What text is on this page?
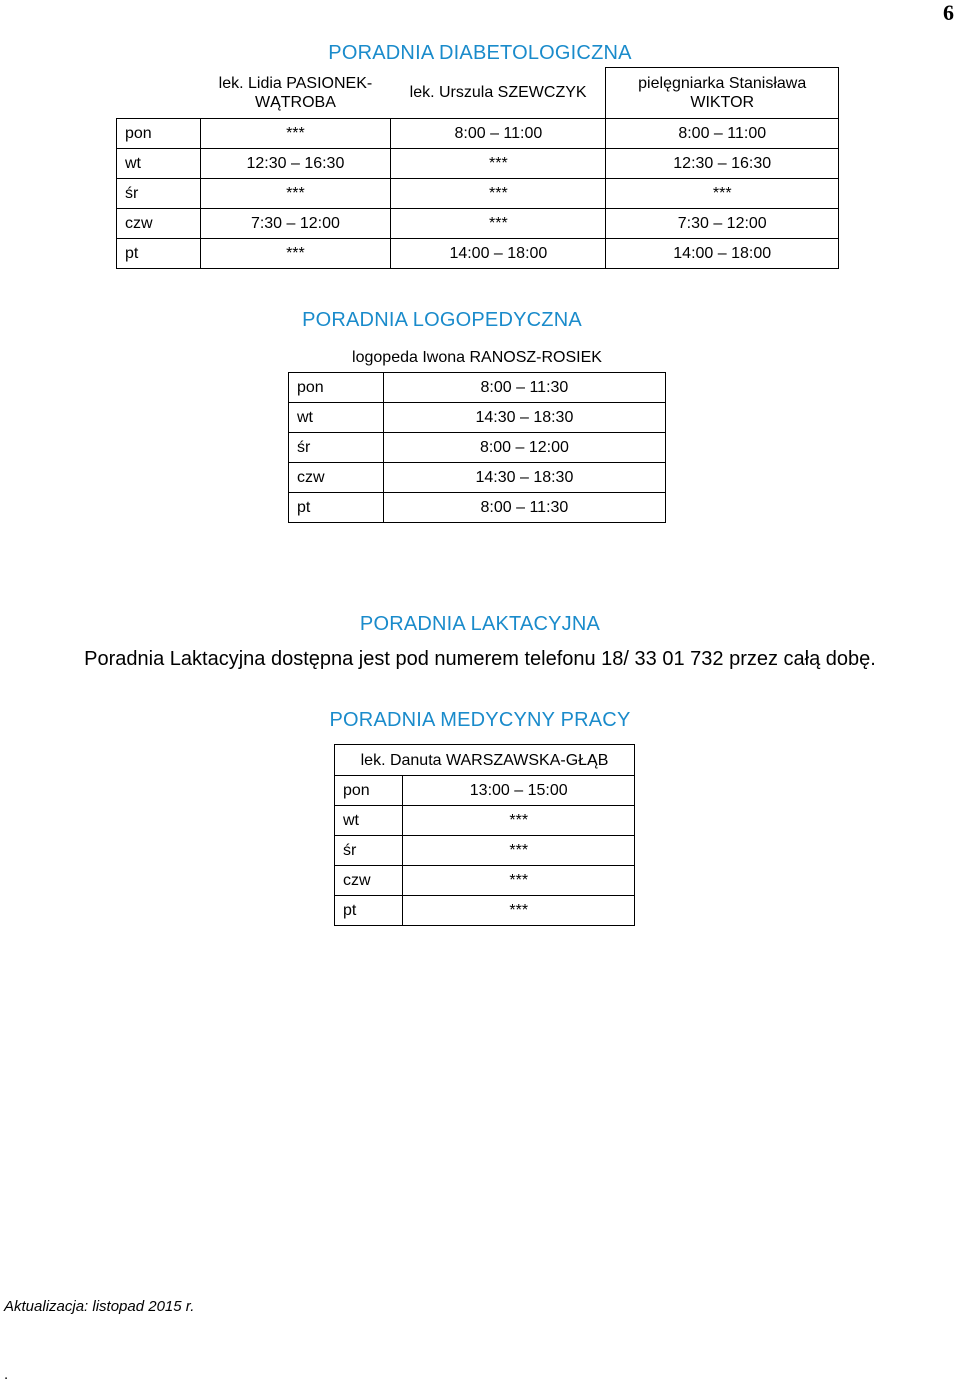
6
PORADNIA DIABETOLOGICZNA
	lek. Lidia PASIONEK-WĄTROBA	lek. Urszula SZEWCZYK	pielęgniarka Stanisława WIKTOR
pon	***	8:00 – 11:00	8:00 – 11:00
wt	12:30 – 16:30	***	12:30 – 16:30
śr	***	***	***
czw	7:30 – 12:00	***	7:30 – 12:00
pt	***	14:00 – 18:00	14:00 – 18:00
PORADNIA LOGOPEDYCZNA
logopeda Iwona RANOSZ-ROSIEK	
pon	8:00 – 11:30
wt	14:30 – 18:30
śr	8:00 – 12:00
czw	14:30 – 18:30
pt	8:00 – 11:30
PORADNIA LAKTACYJNA
Poradnia Laktacyjna dostępna jest pod numerem telefonu 18/ 33 01 732 przez całą dobę.
PORADNIA MEDYCYNY PRACY
lek. Danuta WARSZAWSKA-GŁĄB	
pon	13:00 – 15:00
wt	***
śr	***
czw	***
pt	***
Aktualizacja: listopad 2015 r.
.
